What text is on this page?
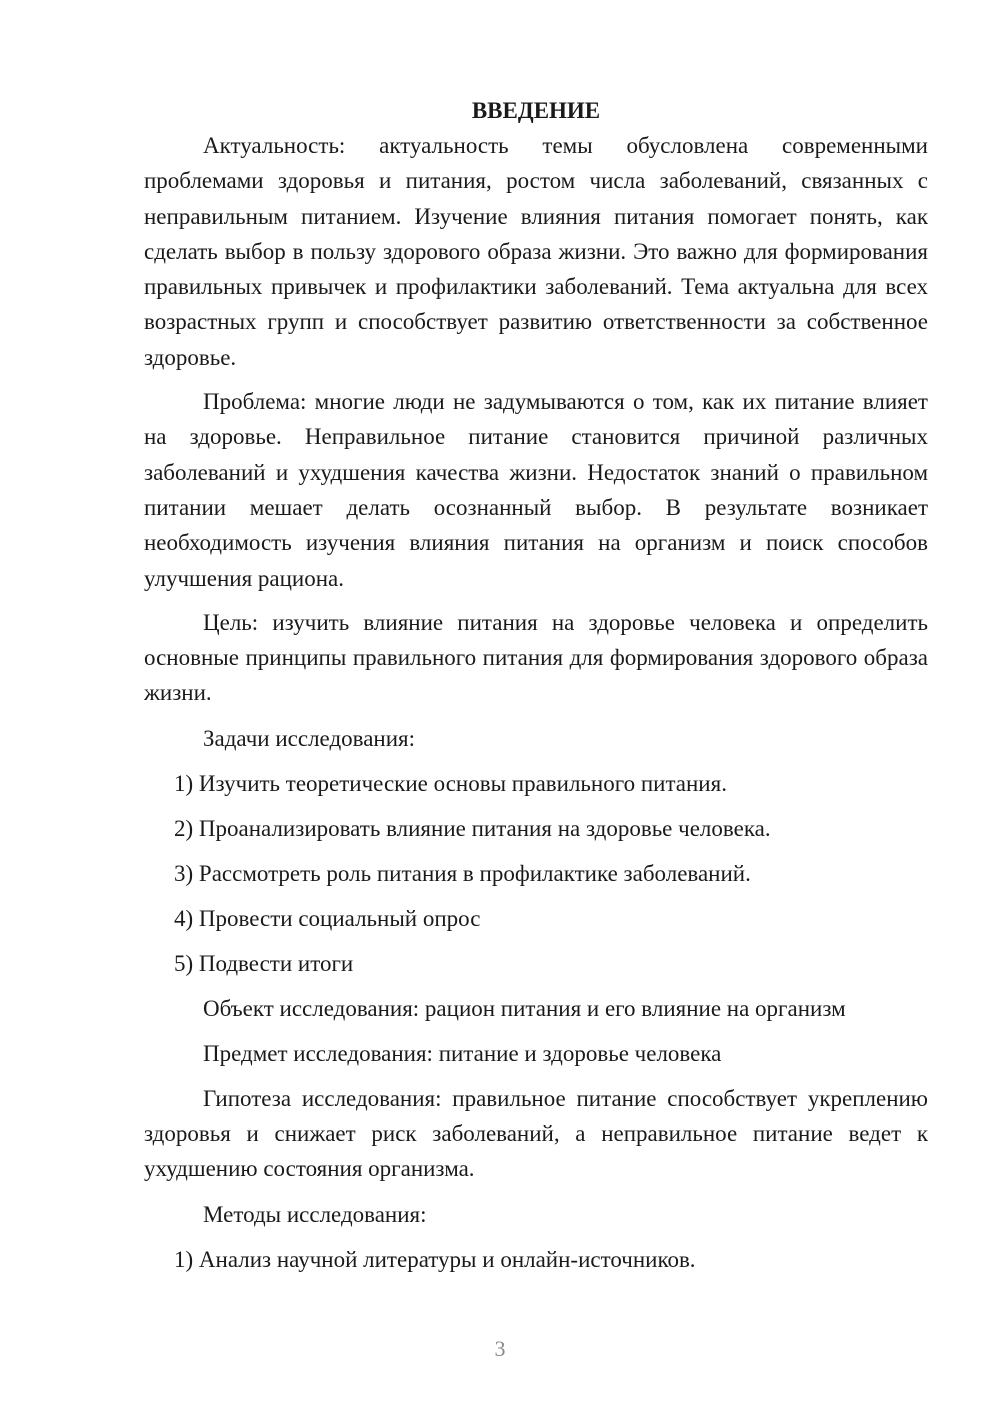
ВВЕДЕНИЕ

Актуальность: актуальность темы обусловлена современными проблемами здоровья и питания, ростом числа заболеваний, связанных с неправильным питанием. Изучение влияния питания помогает понять, как сделать выбор в пользу здорового образа жизни. Это важно для формирования правильных привычек и профилактики заболеваний. Тема актуальна для всех возрастных групп и способствует развитию ответственности за собственное здоровье.

Проблема: многие люди не задумываются о том, как их питание влияет на здоровье. Неправильное питание становится причиной различных заболеваний и ухудшения качества жизни. Недостаток знаний о правильном питании мешает делать осознанный выбор. В результате возникает необходимость изучения влияния питания на организм и поиск способов улучшения рациона.

Цель: изучить влияние питания на здоровье человека и определить основные принципы правильного питания для формирования здорового образа жизни.

Задачи исследования:

1) Изучить теоретические основы правильного питания.

2) Проанализировать влияние питания на здоровье человека.

3) Рассмотреть роль питания в профилактике заболеваний.

4) Провести социальный опрос

5) Подвести итоги

Объект исследования: рацион питания и его влияние на организм

Предмет исследования: питание и здоровье человека

Гипотеза исследования: правильное питание способствует укреплению здоровья и снижает риск заболеваний, а неправильное питание ведет к ухудшению состояния организма.

Методы исследования:

1) Анализ научной литературы и онлайн-источников.

3
